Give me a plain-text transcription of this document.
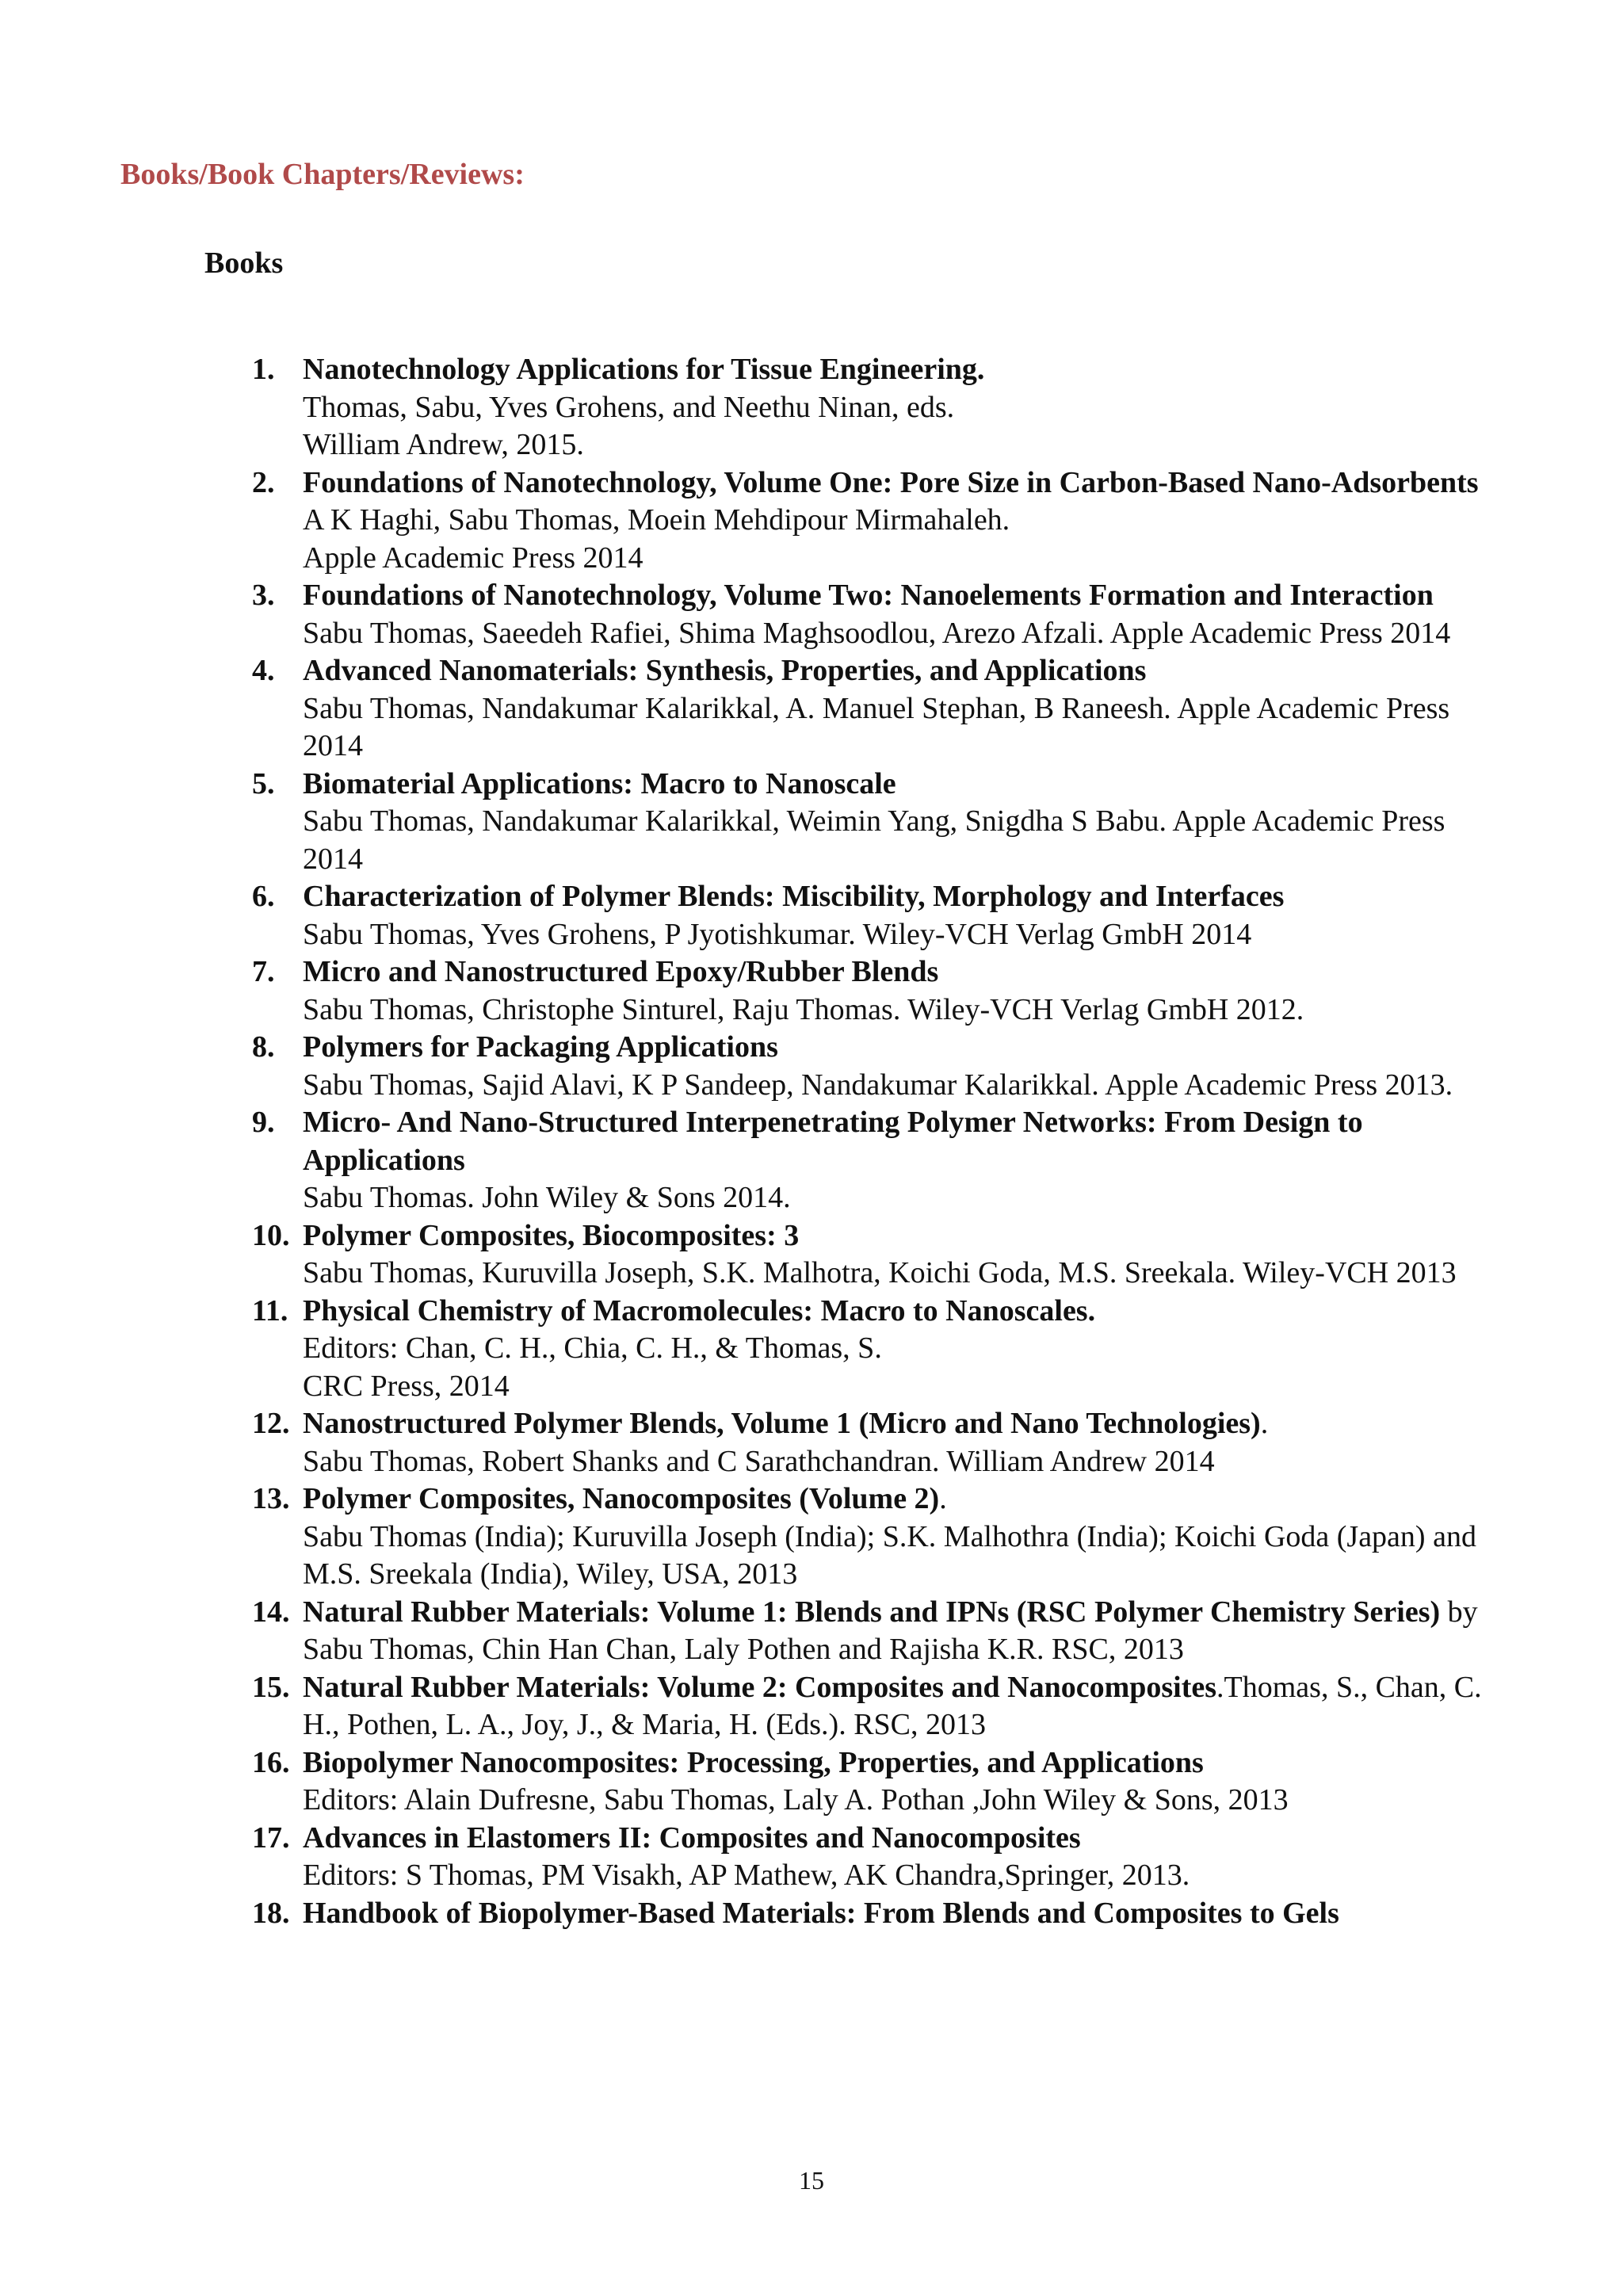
Books/Book Chapters/Reviews:
Books
1. Nanotechnology Applications for Tissue Engineering.
Thomas, Sabu, Yves Grohens, and Neethu Ninan, eds.
William Andrew, 2015.
2. Foundations of Nanotechnology, Volume One: Pore Size in Carbon-Based Nano-Adsorbents
A K Haghi, Sabu Thomas, Moein Mehdipour Mirmahaleh.
Apple Academic Press 2014
3. Foundations of Nanotechnology, Volume Two: Nanoelements Formation and Interaction
Sabu Thomas, Saeedeh Rafiei, Shima Maghsoodlou, Arezo Afzali. Apple Academic Press 2014
4. Advanced Nanomaterials: Synthesis, Properties, and Applications
Sabu Thomas, Nandakumar Kalarikkal, A. Manuel Stephan, B Raneesh. Apple Academic Press 2014
5. Biomaterial Applications: Macro to Nanoscale
Sabu Thomas, Nandakumar Kalarikkal, Weimin Yang, Snigdha S Babu. Apple Academic Press 2014
6. Characterization of Polymer Blends: Miscibility, Morphology and Interfaces
Sabu Thomas, Yves Grohens, P Jyotishkumar. Wiley-VCH Verlag GmbH 2014
7. Micro and Nanostructured Epoxy/Rubber Blends
Sabu Thomas, Christophe Sinturel, Raju Thomas. Wiley-VCH Verlag GmbH 2012.
8. Polymers for Packaging Applications
Sabu Thomas, Sajid Alavi, K P Sandeep, Nandakumar Kalarikkal. Apple Academic Press 2013.
9. Micro- And Nano-Structured Interpenetrating Polymer Networks: From Design to Applications
Sabu Thomas. John Wiley & Sons 2014.
10. Polymer Composites, Biocomposites: 3
Sabu Thomas, Kuruvilla Joseph, S.K. Malhotra, Koichi Goda, M.S. Sreekala. Wiley-VCH 2013
11. Physical Chemistry of Macromolecules: Macro to Nanoscales.
Editors: Chan, C. H., Chia, C. H., & Thomas, S.
CRC Press, 2014
12. Nanostructured Polymer Blends, Volume 1 (Micro and Nano Technologies).
Sabu Thomas, Robert Shanks and C Sarathchandran. William Andrew 2014
13. Polymer Composites, Nanocomposites (Volume 2).
Sabu Thomas (India); Kuruvilla Joseph (India); S.K. Malhothra (India); Koichi Goda (Japan) and M.S. Sreekala (India), Wiley, USA, 2013
14. Natural Rubber Materials: Volume 1: Blends and IPNs (RSC Polymer Chemistry Series) by Sabu Thomas, Chin Han Chan, Laly Pothen and Rajisha K.R. RSC, 2013
15. Natural Rubber Materials: Volume 2: Composites and Nanocomposites.Thomas, S., Chan, C. H., Pothen, L. A., Joy, J., & Maria, H. (Eds.). RSC, 2013
16. Biopolymer Nanocomposites: Processing, Properties, and Applications
Editors: Alain Dufresne, Sabu Thomas, Laly A. Pothan ,John Wiley & Sons, 2013
17. Advances in Elastomers II: Composites and Nanocomposites
Editors: S Thomas, PM Visakh, AP Mathew, AK Chandra,Springer, 2013.
18. Handbook of Biopolymer-Based Materials: From Blends and Composites to Gels
15
